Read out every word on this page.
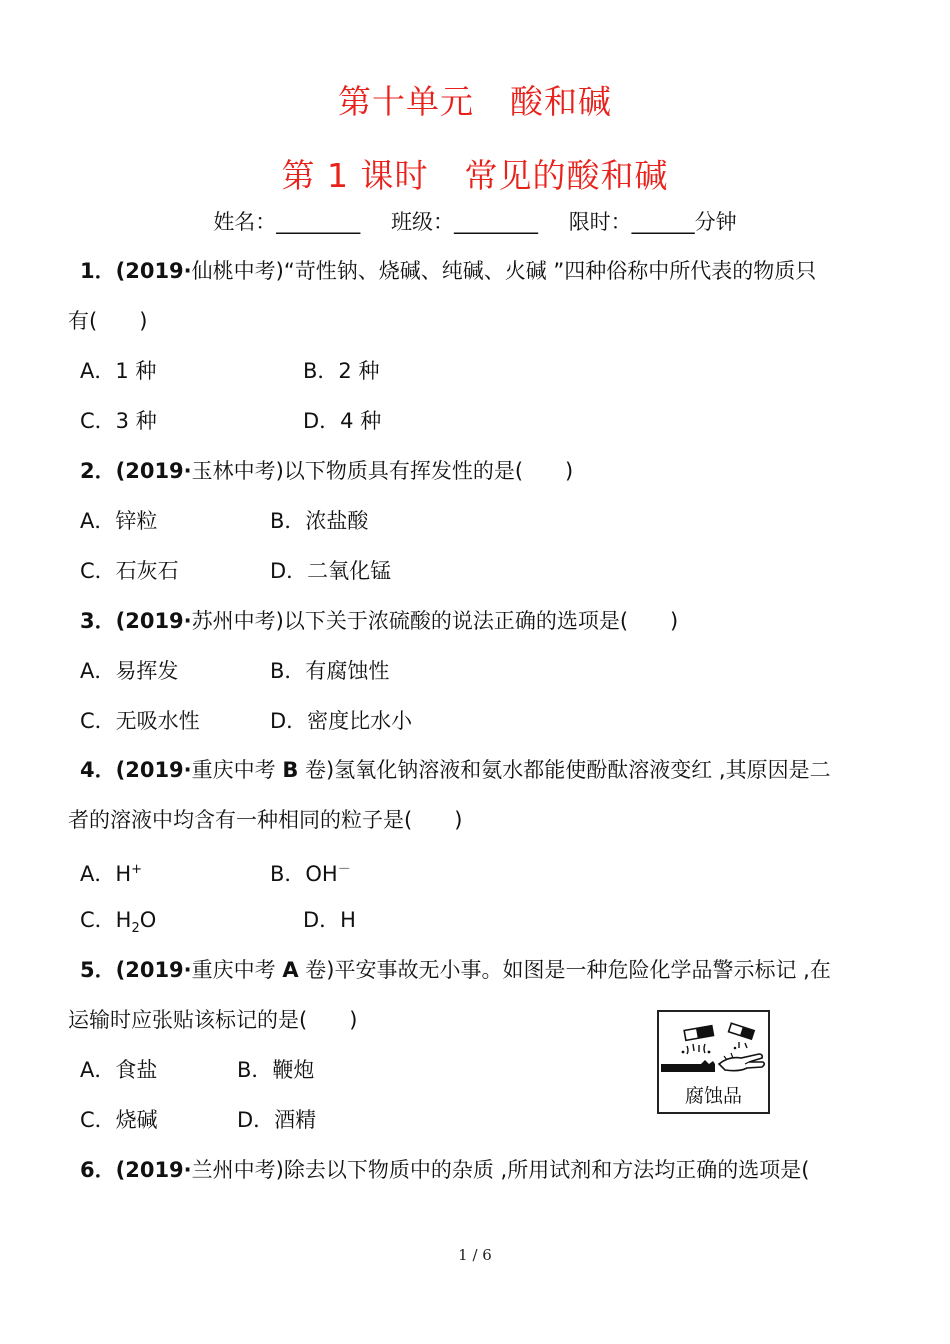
第十单元 酸和碱
第 1 课时 常见的酸和碱
姓名：________ 班级：________ 限时：______分钟
1．(2019·仙桃中考)“苛性钠、烧碱、纯碱、火碱 ”四种俗称中所代表的物质只
有(　　)
A．1 种	B．2 种
C．3 种	D．4 种
2．(2019·玉林中考)以下物质具有挥发性的是(　　)
A．锌粒	B．浓盐酸
C．石灰石	D．二氧化锰
3．(2019·苏州中考)以下关于浓硫酸的说法正确的选项是(　　)
A．易挥发	B．有腐蚀性
C．无吸水性	D．密度比水小
4．(2019·重庆中考 B 卷)氢氧化钠溶液和氨水都能使酚酞溶液变红 ,其原因是二
者的溶液中均含有一种相同的粒子是(　　)
A．H+	B．OH－
C．$H_2O$	D．H
5．(2019·重庆中考 A 卷)平安事故无小事。如图是一种危险化学品警示标记 ,在
运输时应张贴该标记的是(　　)
A．食盐	B．鞭炮
C．烧碱	D．酒精
腐蚀品
6．(2019·兰州中考)除去以下物质中的杂质 ,所用试剂和方法均正确的选项是(
1 / 6
